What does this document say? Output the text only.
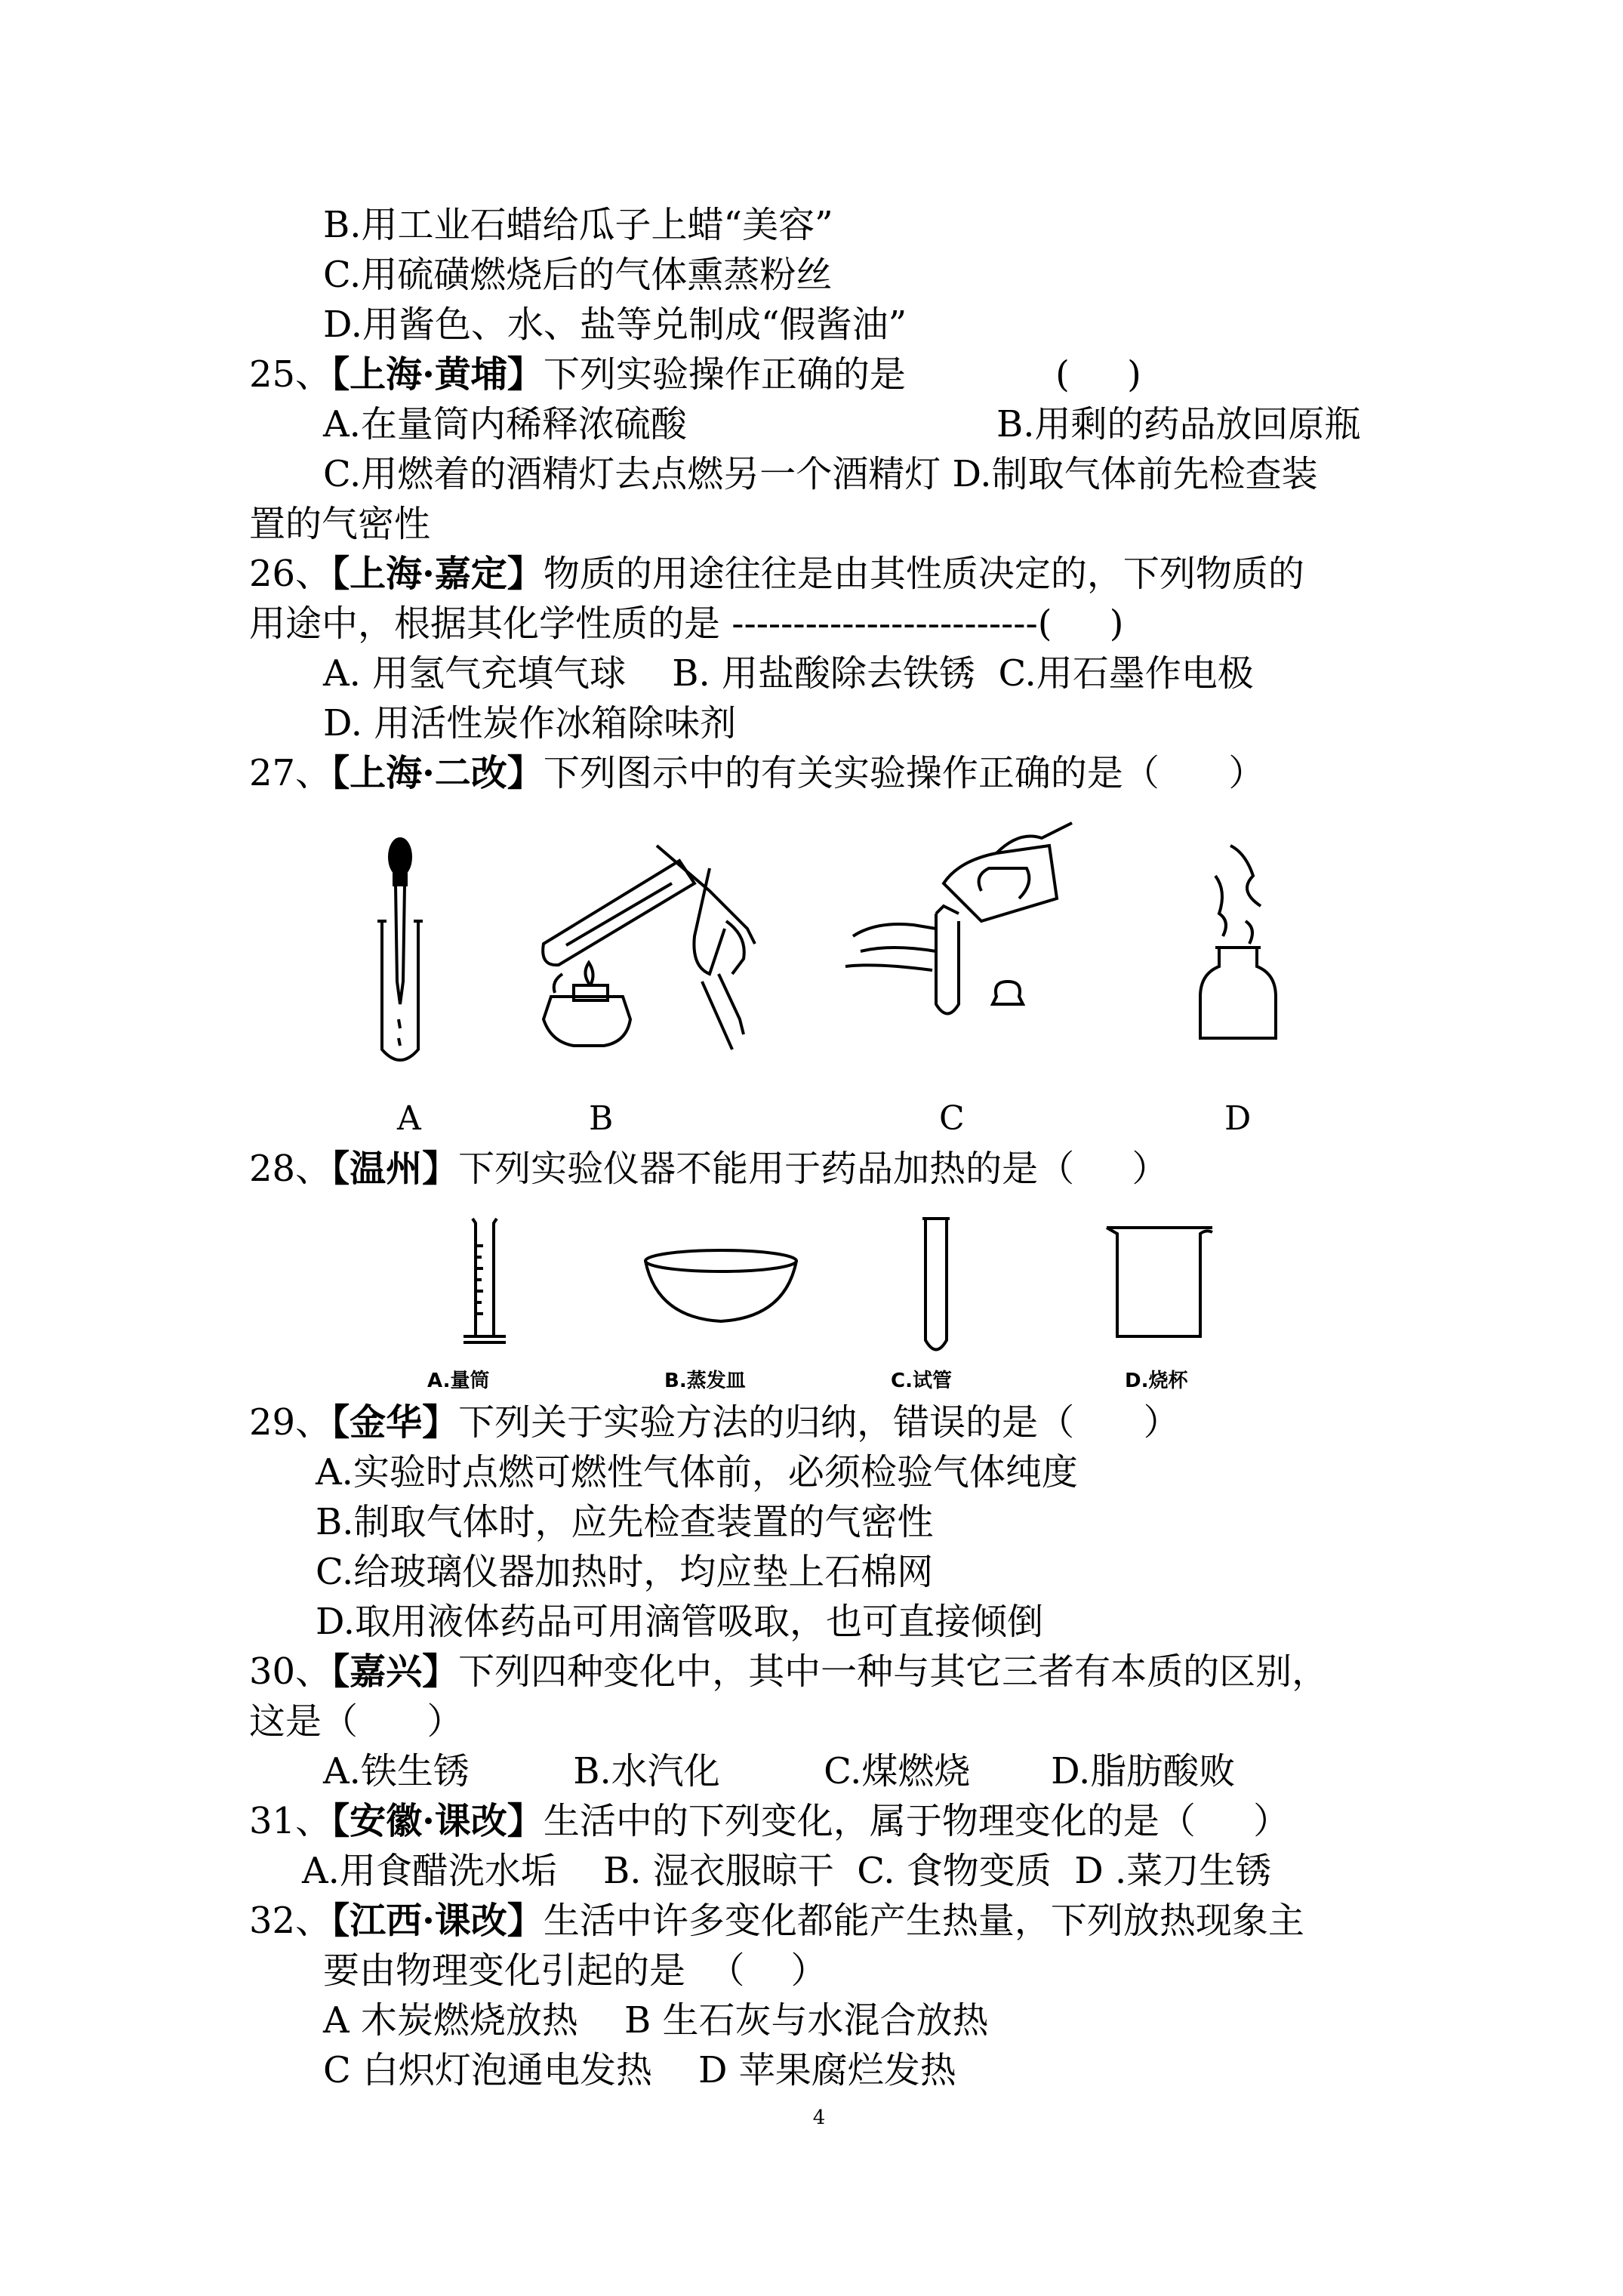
B.用工业石蜡给瓜子上蜡“美容”
C.用硫磺燃烧后的气体熏蒸粉丝
D.用酱色、水、盐等兑制成“假酱油”
25、【上海·黄埔】下列实验操作正确的是             (     )
A.在量筒内稀释浓硫酸	B.用剩的药品放回原瓶
C.用燃着的酒精灯去点燃另一个酒精灯 D.制取气体前先检查装
置的气密性
26、【上海·嘉定】物质的用途往往是由其性质决定的，下列物质的
用途中，根据其化学性质的是 -------------------------(     )
A. 用氢气充填气球    B. 用盐酸除去铁锈  C.用石墨作电极
D. 用活性炭作冰箱除味剂
27、【上海·二改】下列图示中的有关实验操作正确的是（      ）
A	B	C	D
28、【温州】下列实验仪器不能用于药品加热的是（     ）
A.量筒	B.蒸发皿	C.试管	D.烧杯
29、【金华】下列关于实验方法的归纳，错误的是（      ）
A.实验时点燃可燃性气体前，必须检验气体纯度
B.制取气体时，应先检查装置的气密性
C.给玻璃仪器加热时，均应垫上石棉网
D.取用液体药品可用滴管吸取，也可直接倾倒
30、【嘉兴】下列四种变化中，其中一种与其它三者有本质的区别，
这是（      ）
A.铁生锈         B.水汽化         C.煤燃烧       D.脂肪酸败
31、【安徽·课改】生活中的下列变化，属于物理变化的是（     ）
A.用食醋洗水垢    B. 湿衣服晾干  C. 食物变质  D .菜刀生锈
32、【江西·课改】生活中许多变化都能产生热量，下列放热现象主
要由物理变化引起的是  （    ）
A 木炭燃烧放热    B 生石灰与水混合放热
C 白炽灯泡通电发热    D 苹果腐烂发热
4
